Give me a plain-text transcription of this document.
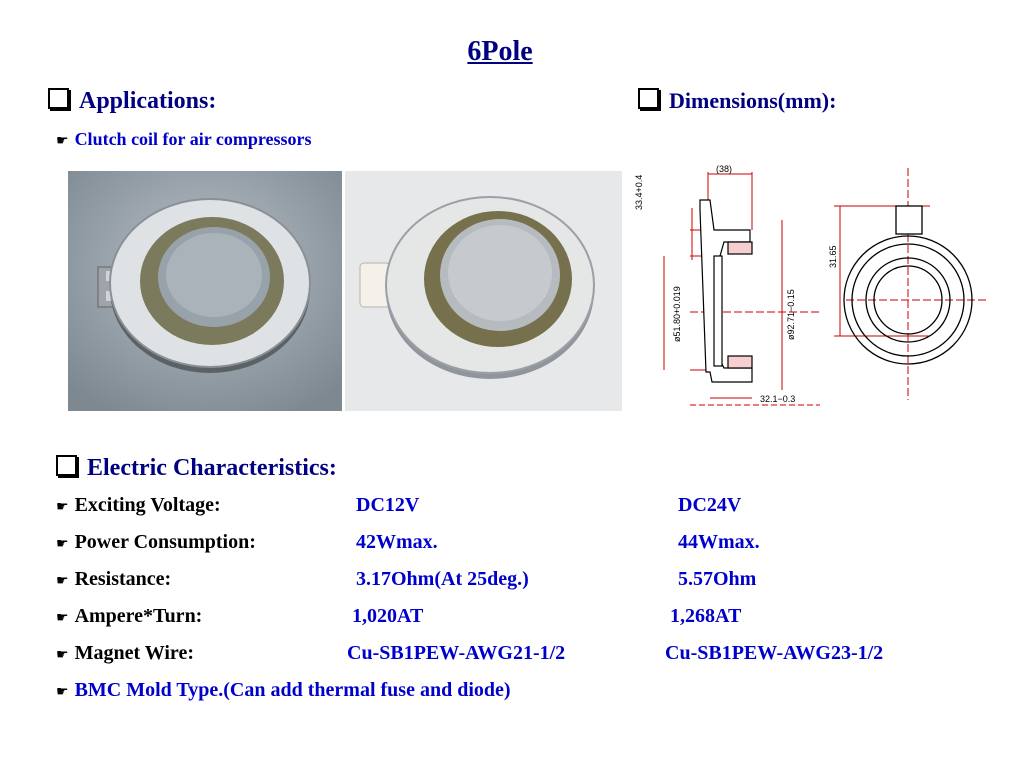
6Pole
Applications:
☛ Clutch coil for air compressors
Dimensions(mm):
(38)
33.4+0.4
ø51.80+0.019	ø92.71−0.15
32.1−0.3
31.65
Electric Characteristics:
☛ Exciting Voltage:	DC12V	DC24V
☛ Power Consumption:	42Wmax.	44Wmax.
☛ Resistance:	3.17Ohm(At 25deg.)	5.57Ohm
☛ Ampere*Turn:	1,020AT	1,268AT
☛ Magnet Wire:	Cu-SB1PEW-AWG21-1/2	Cu-SB1PEW-AWG23-1/2
☛ BMC Mold Type.(Can add thermal fuse and diode)
